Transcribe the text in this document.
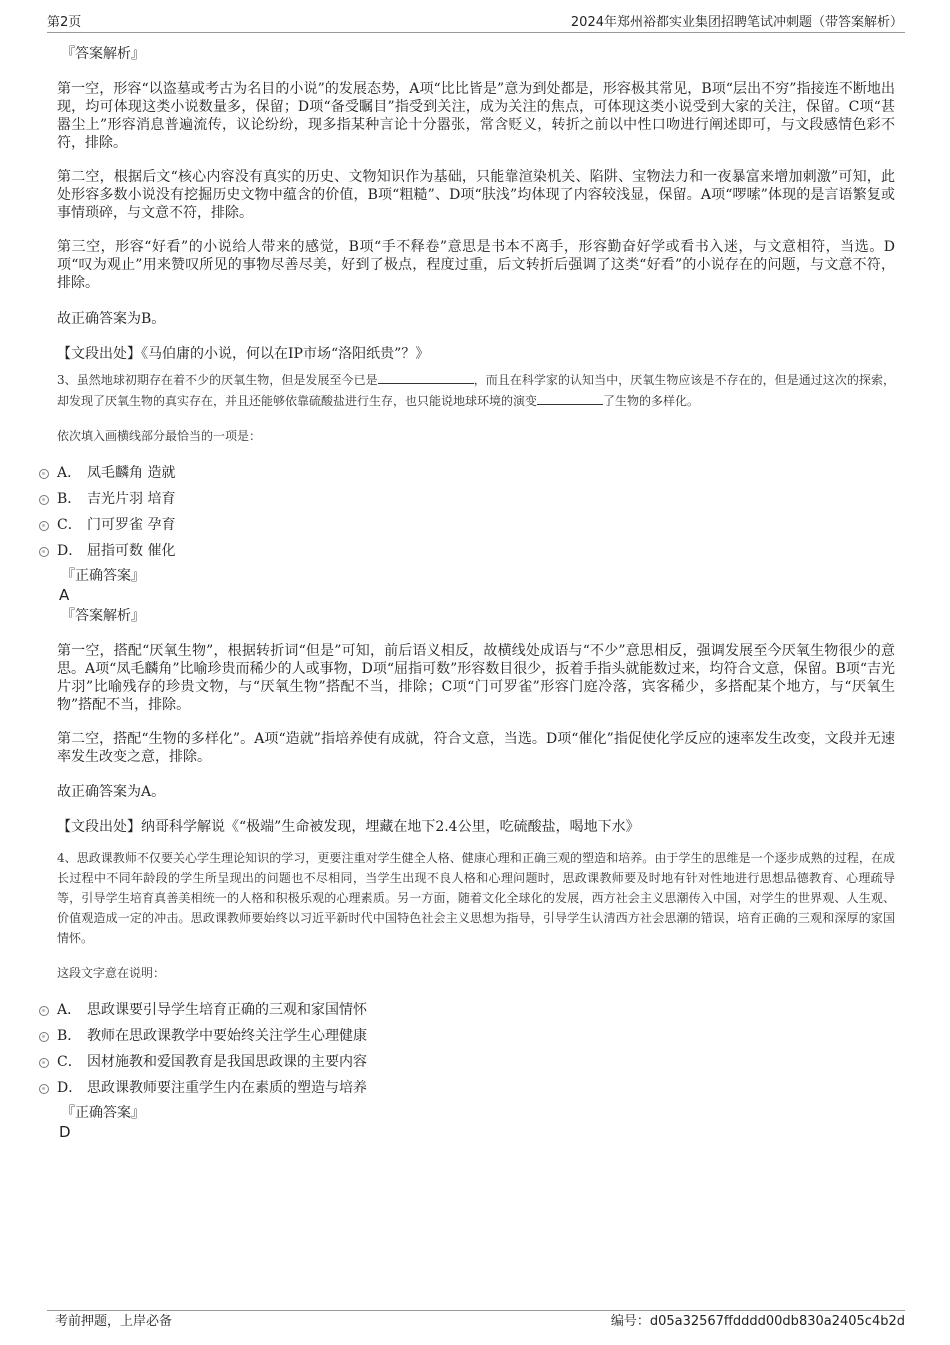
第2页	2024年郑州裕都实业集团招聘笔试冲刺题（带答案解析）
『答案解析』

第一空，形容“以盗墓或考古为名目的小说”的发展态势，A项“比比皆是”意为到处都是，形容极其常见，B项“层出不穷”指接连不断地出现，均可体现这类小说数量多，保留；D项“备受瞩目”指受到关注，成为关注的焦点，可体现这类小说受到大家的关注，保留。C项“甚嚣尘上”形容消息普遍流传，议论纷纷，现多指某种言论十分嚣张，常含贬义，转折之前以中性口吻进行阐述即可，与文段感情色彩不符，排除。

第二空，根据后文“核心内容没有真实的历史、文物知识作为基础，只能靠渲染机关、陷阱、宝物法力和一夜暴富来增加刺激”可知，此处形容多数小说没有挖掘历史文物中蕴含的价值，B项“粗糙”、D项“肤浅”均体现了内容较浅显，保留。A项“啰嗦”体现的是言语繁复或事情琐碎，与文意不符，排除。

第三空，形容“好看”的小说给人带来的感觉，B项“手不释卷”意思是书本不离手，形容勤奋好学或看书入迷，与文意相符，当选。D项“叹为观止”用来赞叹所见的事物尽善尽美，好到了极点，程度过重，后文转折后强调了这类“好看”的小说存在的问题，与文意不符，排除。

故正确答案为B。

【文段出处】《马伯庸的小说，何以在IP市场“洛阳纸贵”？》

3、虽然地球初期存在着不少的厌氧生物，但是发展至今已是	，而且在科学家的认知当中，厌氧生物应该是不存在的，但是通过这次的探索，却发现了厌氧生物的真实存在，并且还能够依靠硫酸盐进行生存，也只能说地球环境的演变	了生物的多样化。

依次填入画横线部分最恰当的一项是：

A． 凤毛麟角 造就
B． 吉光片羽 培育
C． 门可罗雀 孕育
D． 屈指可数 催化
『正确答案』
A
『答案解析』

第一空，搭配“厌氧生物”，根据转折词“但是”可知，前后语义相反，故横线处成语与“不少”意思相反，强调发展至今厌氧生物很少的意思。A项“凤毛麟角”比喻珍贵而稀少的人或事物，D项“屈指可数”形容数目很少，扳着手指头就能数过来，均符合文意，保留。B项“吉光片羽”比喻残存的珍贵文物，与“厌氧生物”搭配不当，排除；C项“门可罗雀”形容门庭冷落，宾客稀少，多搭配某个地方，与“厌氧生物”搭配不当，排除。

第二空，搭配“生物的多样化”。A项“造就”指培养使有成就，符合文意，当选。D项“催化”指促使化学反应的速率发生改变，文段并无速率发生改变之意，排除。

故正确答案为A。

【文段出处】纳哥科学解说《“极端”生命被发现，埋藏在地下2.4公里，吃硫酸盐，喝地下水》

4、思政课教师不仅要关心学生理论知识的学习，更要注重对学生健全人格、健康心理和正确三观的塑造和培养。由于学生的思维是一个逐步成熟的过程，在成长过程中不同年龄段的学生所呈现出的问题也不尽相同，当学生出现不良人格和心理问题时，思政课教师要及时地有针对性地进行思想品德教育、心理疏导等，引导学生培育真善美相统一的人格和积极乐观的心理素质。另一方面，随着文化全球化的发展，西方社会主义思潮传入中国，对学生的世界观、人生观、价值观造成一定的冲击。思政课教师要始终以习近平新时代中国特色社会主义思想为指导，引导学生认清西方社会思潮的错误，培育正确的三观和深厚的家国情怀。

这段文字意在说明：

A． 思政课要引导学生培育正确的三观和家国情怀
B． 教师在思政课教学中要始终关注学生心理健康
C． 因材施教和爱国教育是我国思政课的主要内容
D． 思政课教师要注重学生内在素质的塑造与培养
『正确答案』
D
考前押题，上岸必备	编号：d05a32567ffdddd00db830a2405c4b2d
